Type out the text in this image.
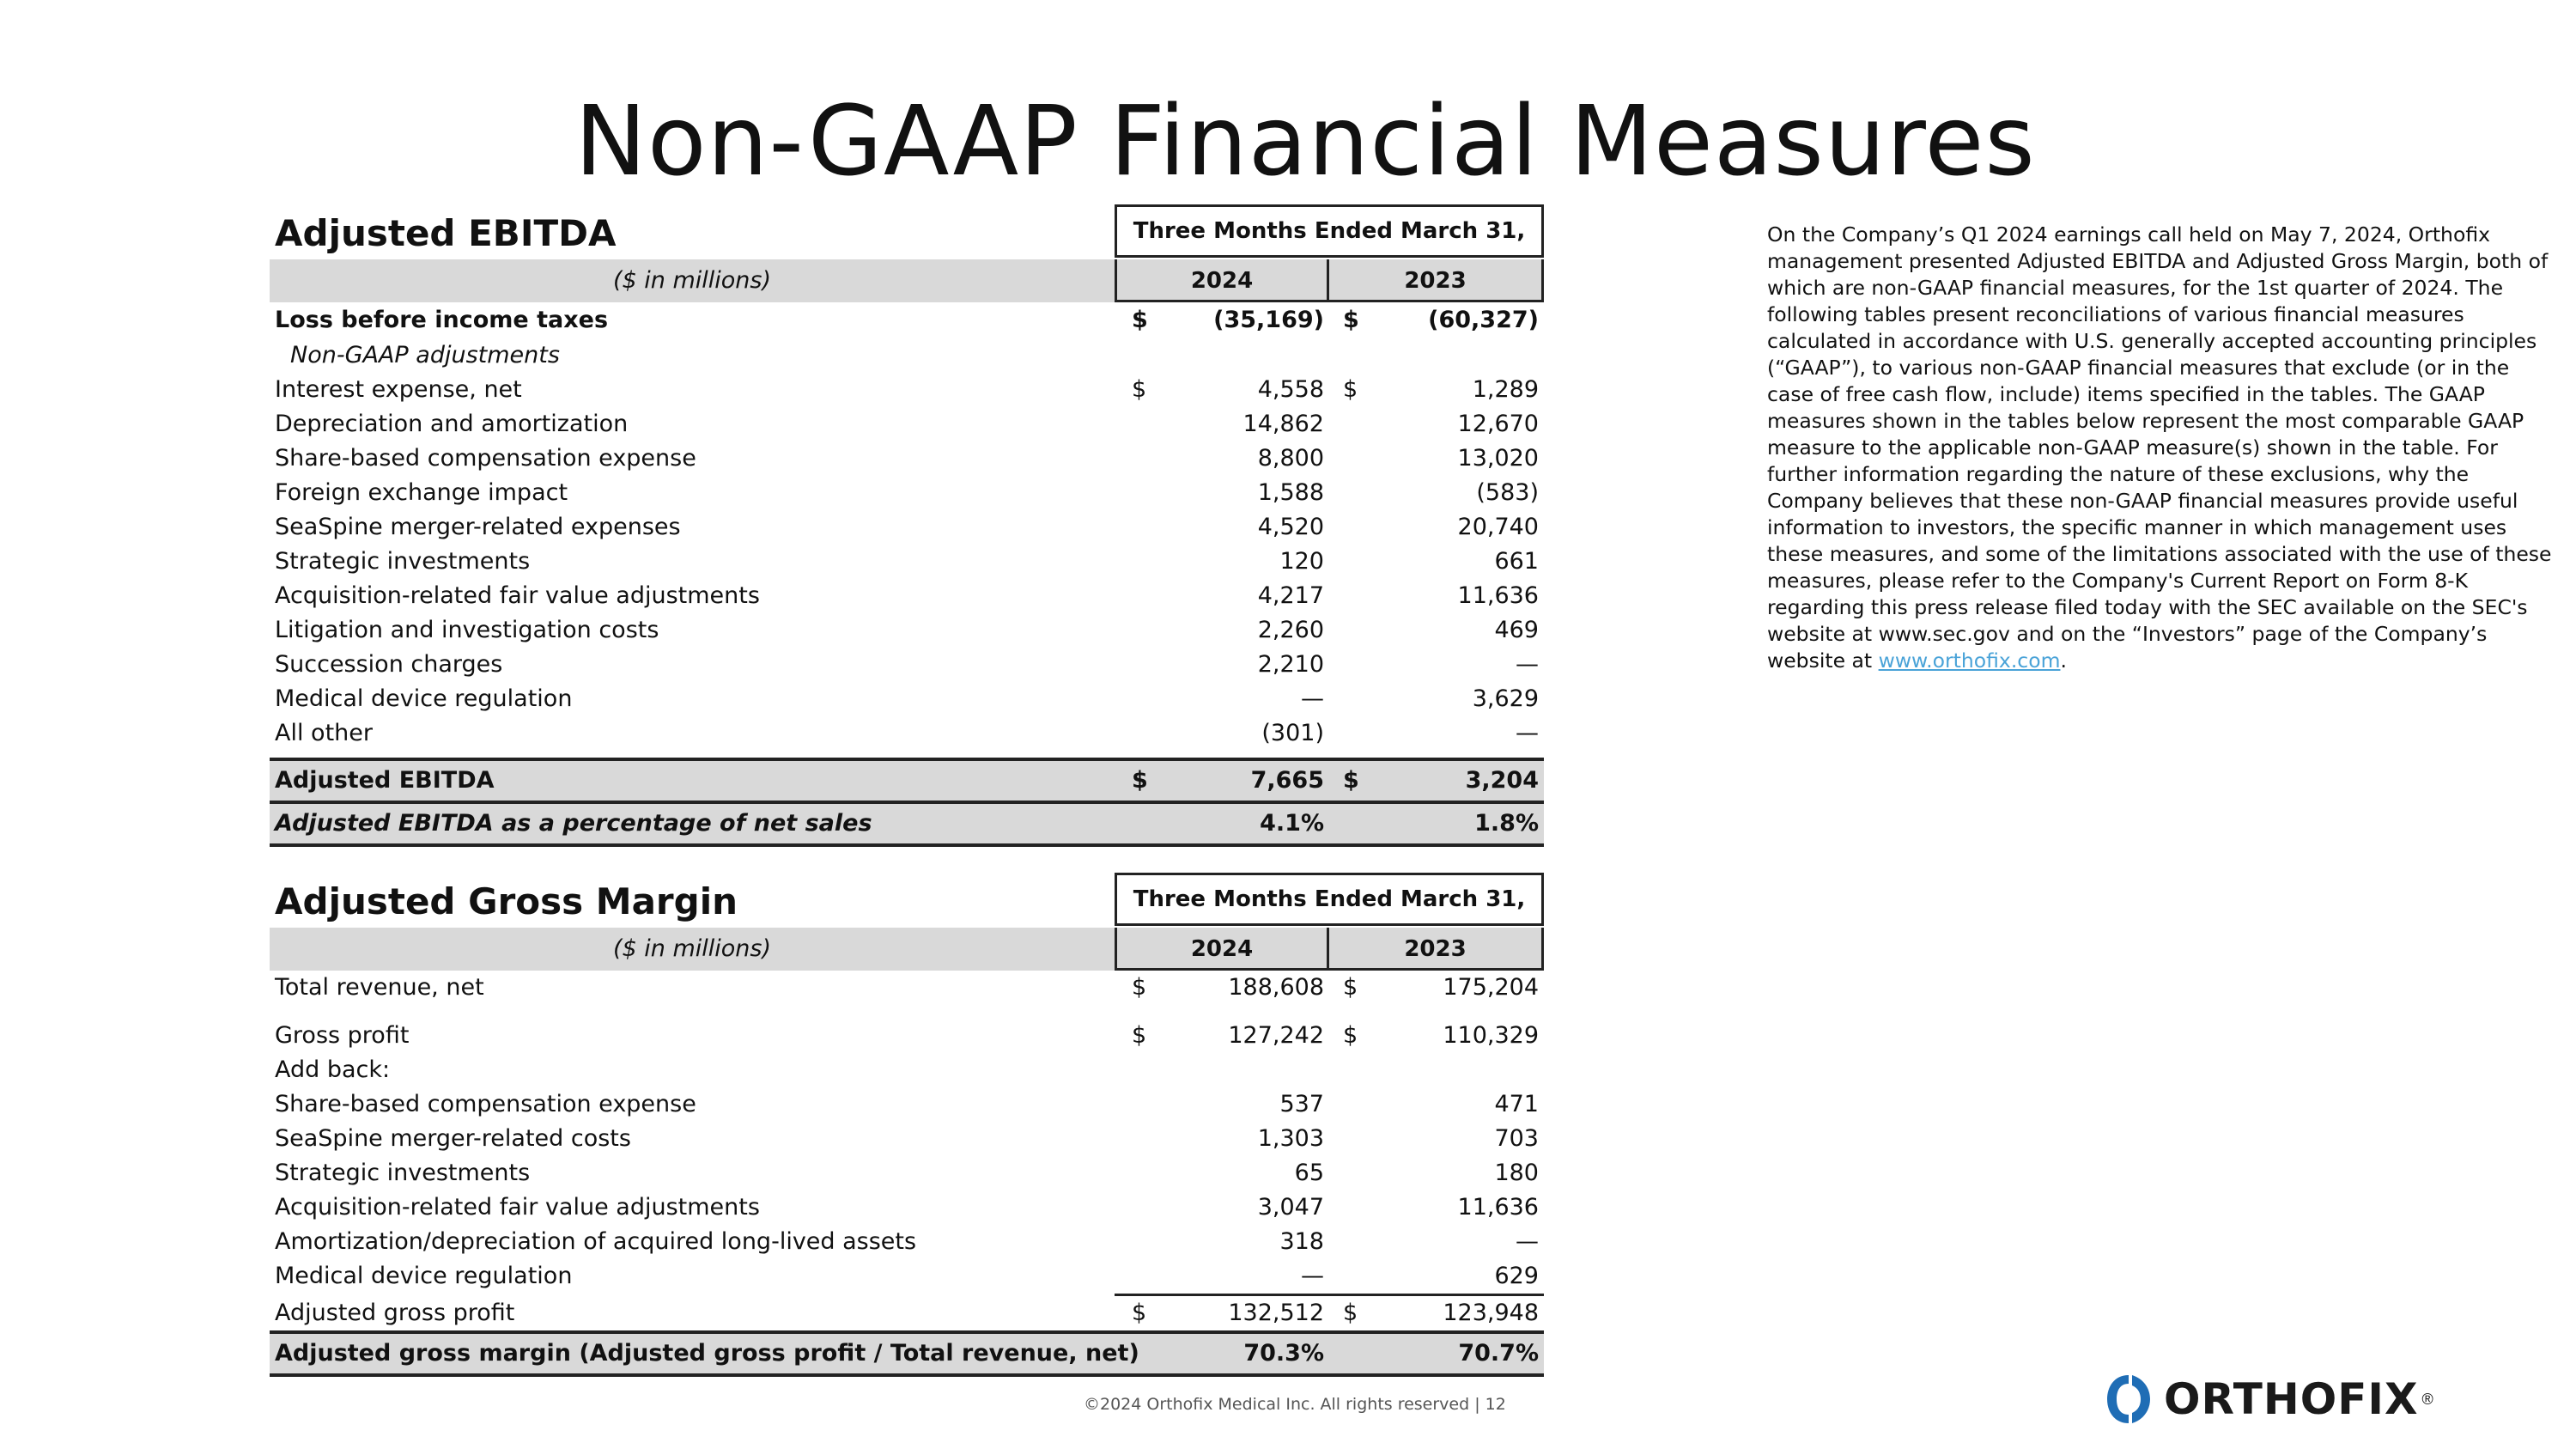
Non-GAAP Financial Measures
Adjusted EBITDA	Three Months Ended March 31,
($ in millions)	2024	2023
Loss before income taxes	$	(35,169) $	(60,327)
Non-GAAP adjustments
Interest expense, net	$	4,558 $	1,289
Depreciation and amortization	14,862	12,670
Share-based compensation expense	8,800	13,020
Foreign exchange impact	1,588	(583)
SeaSpine merger-related expenses	4,520	20,740
Strategic investments	120	661
Acquisition-related fair value adjustments	4,217	11,636
Litigation and investigation costs	2,260	469
Succession charges	2,210	—
Medical device regulation	—	3,629
All other	(301)	—
Adjusted EBITDA	$	7,665 $	3,204
Adjusted EBITDA as a percentage of net sales	4.1%	1.8%
Adjusted Gross Margin	Three Months Ended March 31,
($ in millions)	2024	2023
Total revenue, net	$	188,608 $	175,204
Gross profit	$	127,242 $	110,329
Add back:
Share-based compensation expense	537	471
SeaSpine merger-related costs	1,303	703
Strategic investments	65	180
Acquisition-related fair value adjustments	3,047	11,636
Amortization/depreciation of acquired long-lived assets	318	—
Medical device regulation	—	629
Adjusted gross profit	$	132,512 $	123,948
Adjusted gross margin (Adjusted gross profit / Total revenue, net)	70.3%	70.7%
On the Company’s Q1 2024 earnings call held on May 7, 2024, Orthofix management presented Adjusted EBITDA and Adjusted Gross Margin, both of which are non-GAAP financial measures, for the 1st quarter of 2024. The following tables present reconciliations of various financial measures calculated in accordance with U.S. generally accepted accounting principles (“GAAP”), to various non-GAAP financial measures that exclude (or in the case of free cash flow, include) items specified in the tables. The GAAP measures shown in the tables below represent the most comparable GAAP measure to the applicable non-GAAP measure(s) shown in the table. For further information regarding the nature of these exclusions, why the Company believes that these non-GAAP financial measures provide useful information to investors, the specific manner in which management uses these measures, and some of the limitations associated with the use of these measures, please refer to the Company's Current Report on Form 8-K regarding this press release filed today with the SEC available on the SEC's website at www.sec.gov and on the “Investors” page of the Company’s website at www.orthofix.com.
©2024 Orthofix Medical Inc. All rights reserved | 12	ORTHOFIX ®
